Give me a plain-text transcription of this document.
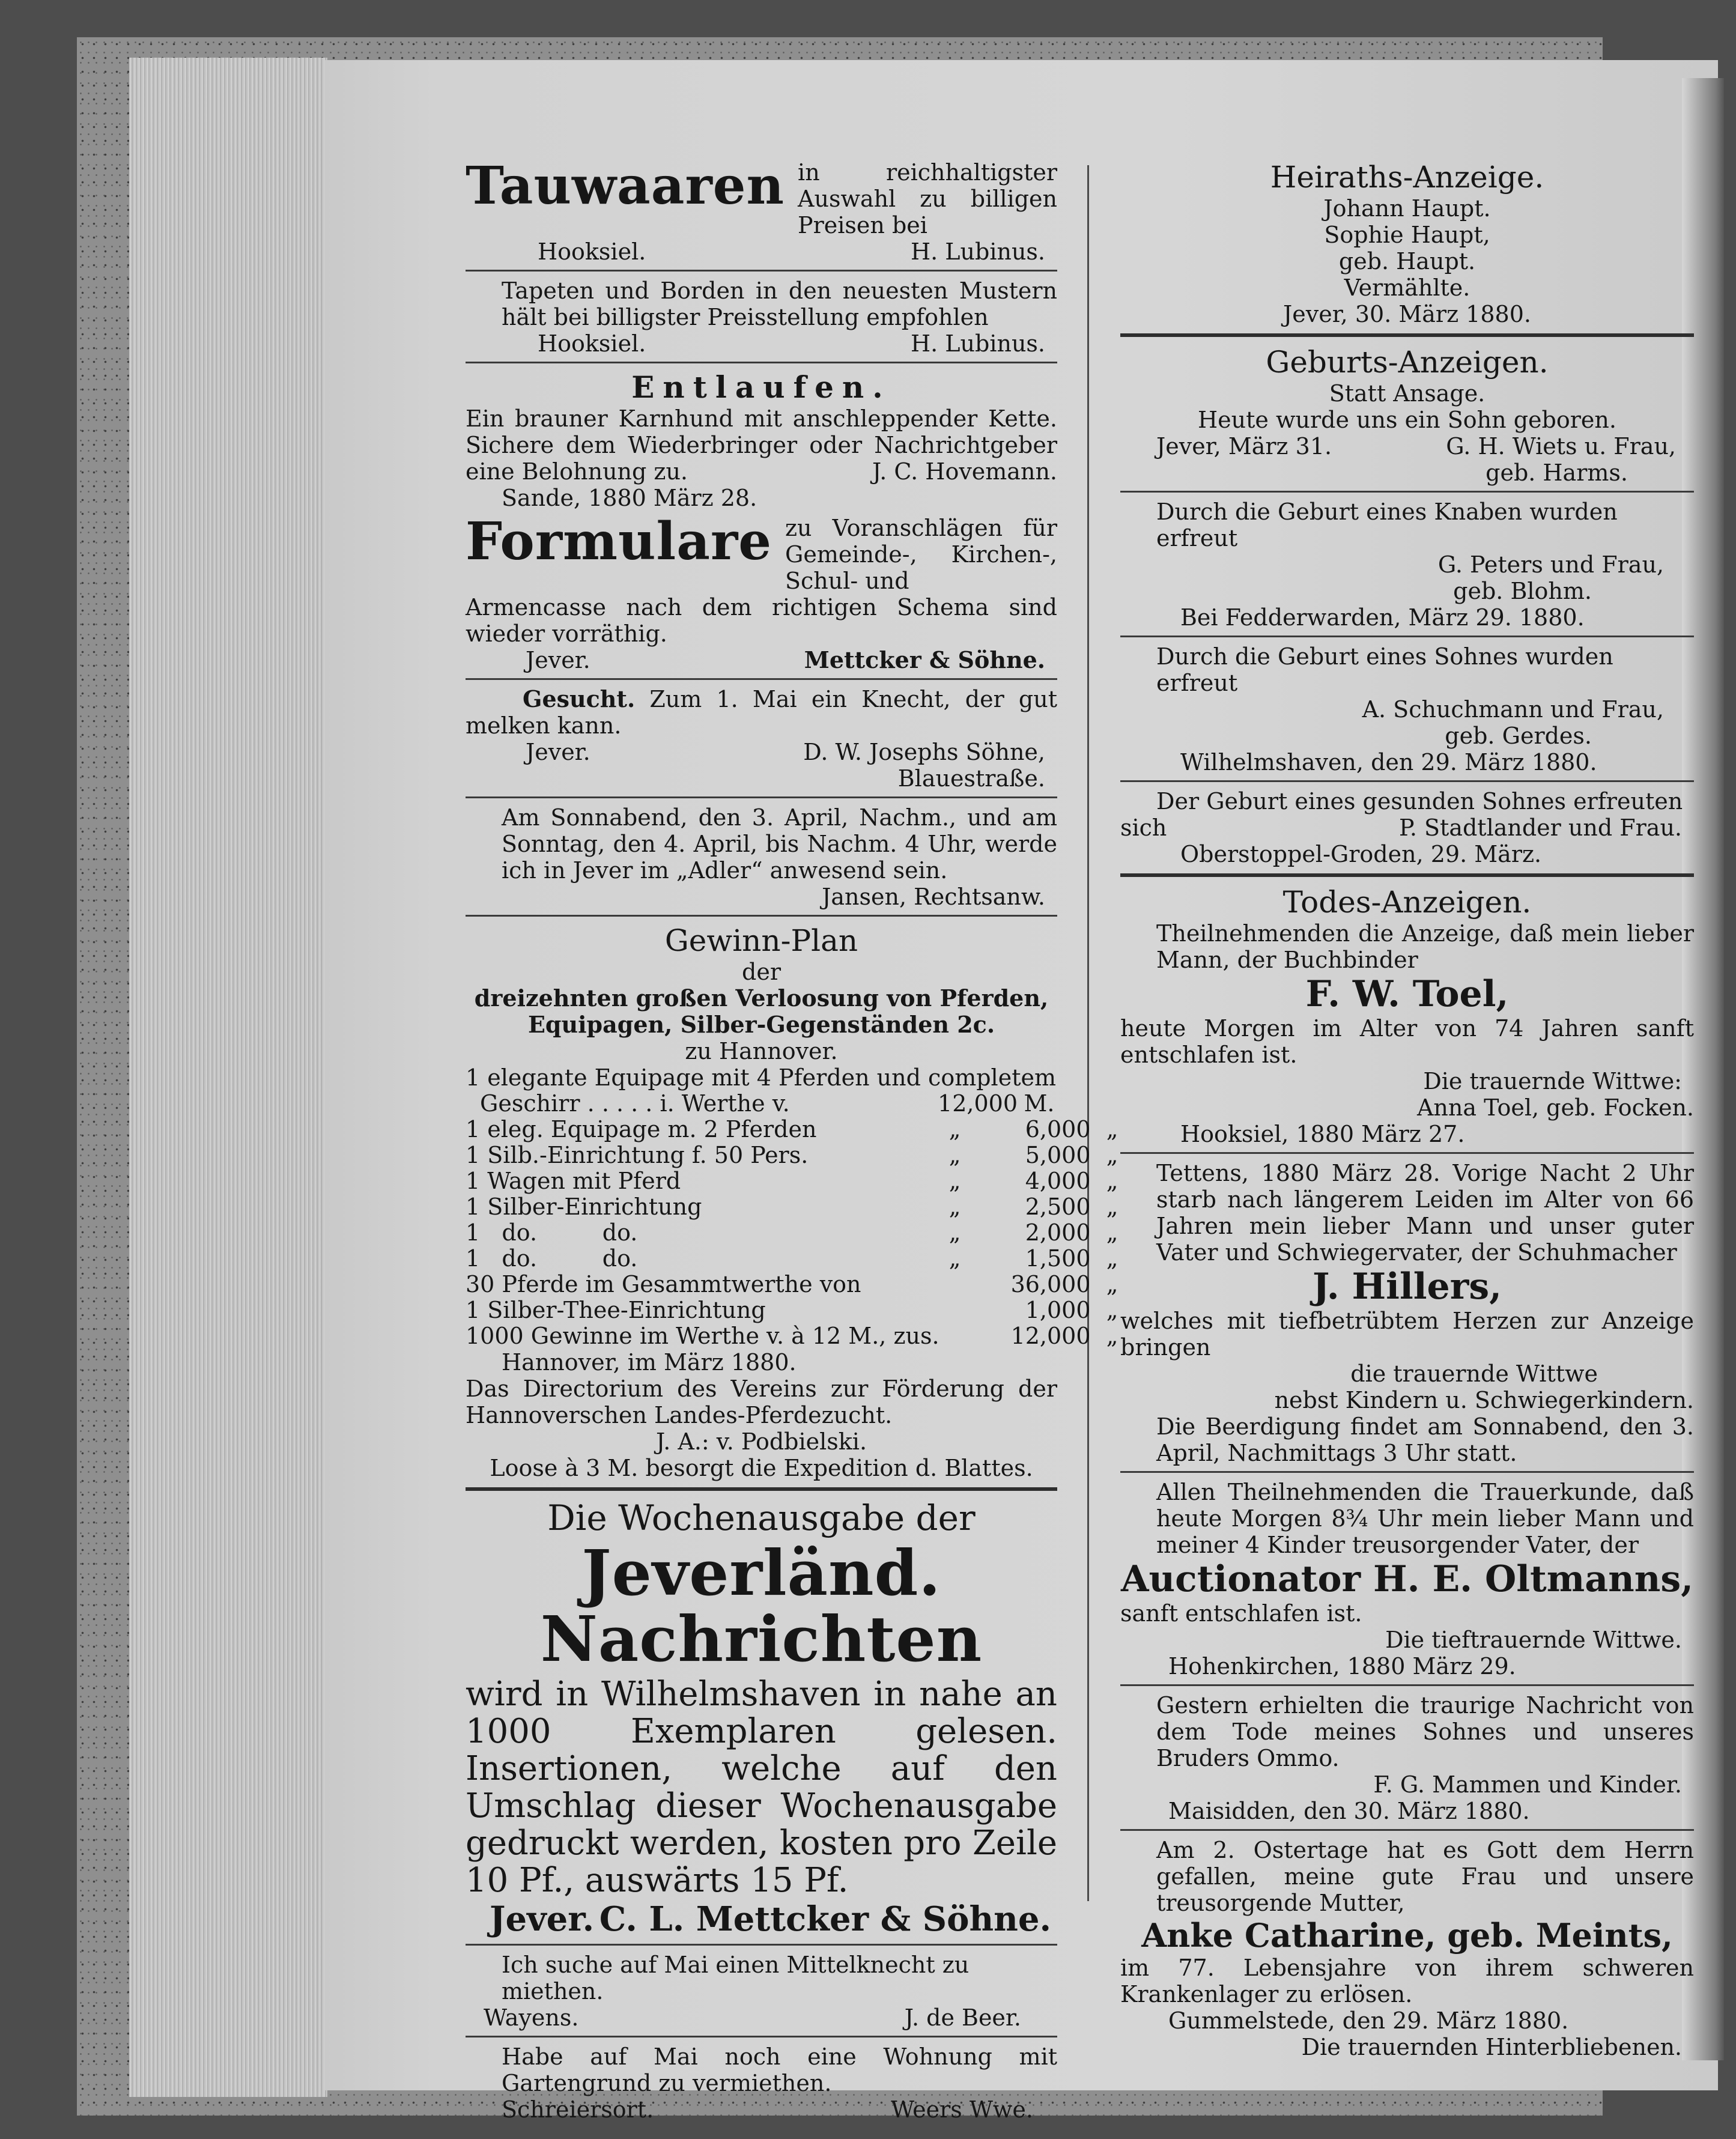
Tauwaaren in reichhaltigster Auswahl zu billigen Preisen bei

Hooksiel.	H. Lubinus.

Tapeten und Borden in den neuesten Mustern hält bei billigster Preisstellung empfohlen

Hooksiel.	H. Lubinus.
Entlaufen.

Ein brauner Karnhund mit anschleppender Kette. Sichere dem Wiederbringer oder Nachrichtgeber eine Belohnung zu.	J. C. Hovemann.

Sande, 1880 März 28.

Formulare zu Voranschlägen für Gemeinde-, Kirchen-, Schul- und

Armencasse nach dem richtigen Schema sind wieder vorräthig.

Jever.	Mettcker & Söhne.

Gesucht. Zum 1. Mai ein Knecht, der gut melken kann.

Jever.	D. W. Josephs Söhne,

Blauestraße.

Am Sonnabend, den 3. April, Nachm., und am Sonntag, den 4. April, bis Nachm. 4 Uhr, werde ich in Jever im „Adler“ anwesend sein.

Jansen, Rechtsanw.

Gewinn-Plan

der

dreizehnten großen Verloosung von Pferden, Equipagen, Silber-Gegenständen 2c.

zu Hannover.

1 elegante Equipage mit 4 Pferden und completem

Geschirr . . . . . i. Werthe v.	12,000 M.
1 eleg. Equipage m. 2 Pferden	„	6,000 „
1 Silb.-Einrichtung f. 50 Pers.	„	5,000 „
1 Wagen mit Pferd	„	4,000 „
1 Silber-Einrichtung	„	2,500 „
1   do.         do.	„	2,000 „
1   do.         do.	„	1,500 „
30 Pferde im Gesammtwerthe von	36,000 „
1 Silber-Thee-Einrichtung	1,000 „
1000 Gewinne im Werthe v. à 12 M., zus.	12,000 „

Hannover, im März 1880.

Das Directorium des Vereins zur Förderung der Hannoverschen Landes-Pferdezucht.

J. A.: v. Podbielski.

Loose à 3 M. besorgt die Expedition d. Blattes.

Die Wochenausgabe der
Jeverländ. Nachrichten

wird in Wilhelmshaven in nahe an 1000 Exemplaren gelesen. Insertionen, welche auf den Umschlag dieser Wochenausgabe gedruckt werden, kosten pro Zeile 10 Pf., auswärts 15 Pf.

Jever. C. L. Mettcker & Söhne.

Ich suche auf Mai einen Mittelknecht zu miethen.

Wayens.	J. de Beer.

Habe auf Mai noch eine Wohnung mit Gartengrund zu vermiethen.

Schreiersort.	Weers Wwe.
Heiraths-Anzeige.

Johann Haupt.

Sophie Haupt,

geb. Haupt.

Vermählte.

Jever, 30. März 1880.

Geburts-Anzeigen.

Statt Ansage.

Heute wurde uns ein Sohn geboren.

Jever, März 31.	G. H. Wiets u. Frau,

geb. Harms.

Durch die Geburt eines Knaben wurden erfreut

G. Peters und Frau,

geb. Blohm.

Bei Fedderwarden, März 29. 1880.

Durch die Geburt eines Sohnes wurden erfreut

A. Schuchmann und Frau,

geb. Gerdes.

Wilhelmshaven, den 29. März 1880.

Der Geburt eines gesunden Sohnes erfreuten

sich	P. Stadtlander und Frau.

Oberstoppel-Groden, 29. März.

Todes-Anzeigen.

Theilnehmenden die Anzeige, daß mein lieber Mann, der Buchbinder

F. W. Toel,

heute Morgen im Alter von 74 Jahren sanft entschlafen ist.

Die trauernde Wittwe:

Anna Toel, geb. Focken.

Hooksiel, 1880 März 27.

Tettens, 1880 März 28. Vorige Nacht 2 Uhr starb nach längerem Leiden im Alter von 66 Jahren mein lieber Mann und unser guter Vater und Schwiegervater, der Schuhmacher

J. Hillers,

welches mit tiefbetrübtem Herzen zur Anzeige bringen

die trauernde Wittwe

nebst Kindern u. Schwiegerkindern.

Die Beerdigung findet am Sonnabend, den 3. April, Nachmittags 3 Uhr statt.

Allen Theilnehmenden die Trauerkunde, daß heute Morgen 8¾ Uhr mein lieber Mann und meiner 4 Kinder treusorgender Vater, der

Auctionator H. E. Oltmanns,

sanft entschlafen ist.

Die tieftrauernde Wittwe.

Hohenkirchen, 1880 März 29.

Gestern erhielten die traurige Nachricht von dem Tode meines Sohnes und unseres Bruders Ommo.

F. G. Mammen und Kinder.

Maisidden, den 30. März 1880.

Am 2. Ostertage hat es Gott dem Herrn gefallen, meine gute Frau und unsere treusorgende Mutter,

Anke Catharine, geb. Meints,

im 77. Lebensjahre von ihrem schweren Krankenlager zu erlösen.

Gummelstede, den 29. März 1880.

Die trauernden Hinterbliebenen.
